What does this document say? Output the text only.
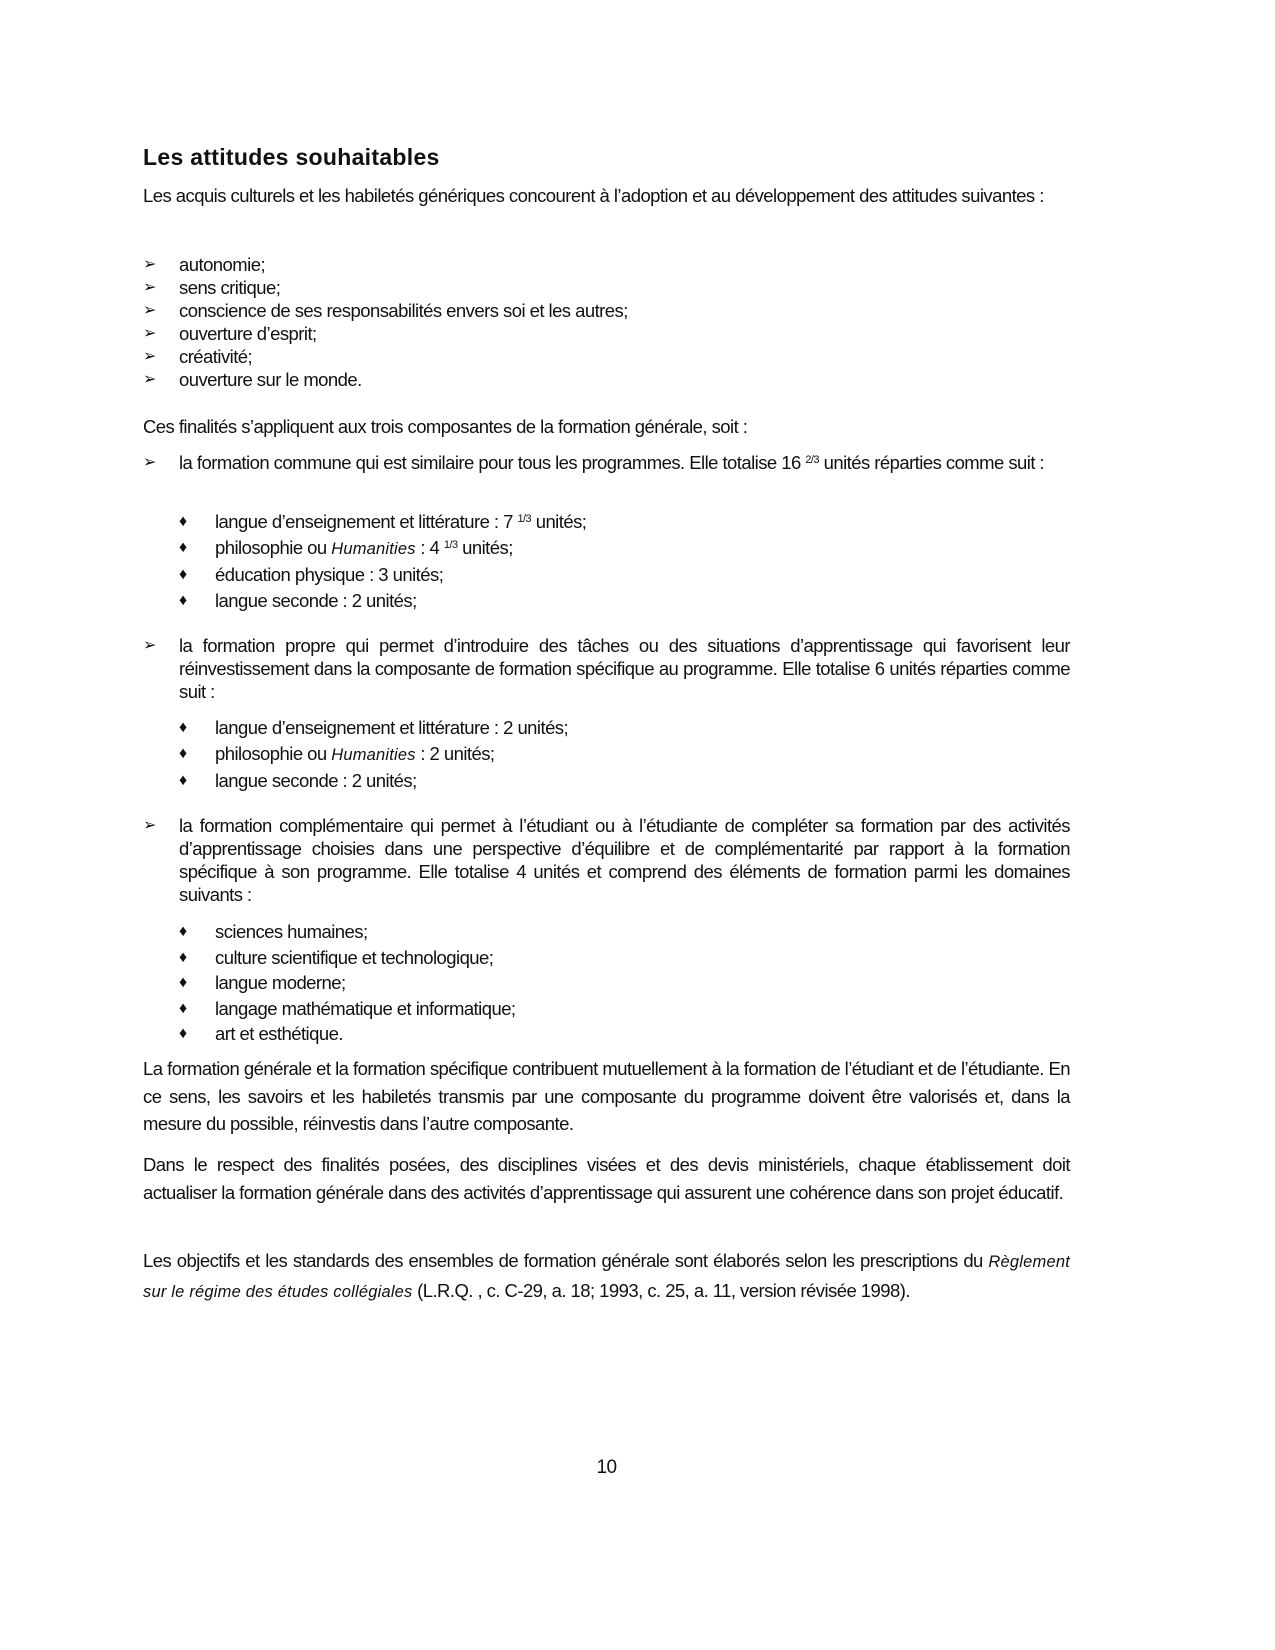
Les attitudes souhaitables
Les acquis culturels et les habiletés génériques concourent à l’adoption et au développement des attitudes suivantes :
➢ autonomie;
➢ sens critique;
➢ conscience de ses responsabilités envers soi et les autres;
➢ ouverture d’esprit;
➢ créativité;
➢ ouverture sur le monde.
Ces finalités s’appliquent aux trois composantes de la formation générale, soit :
➢ la formation commune qui est similaire pour tous les programmes. Elle totalise 16 $^{2/3}$ unités réparties comme suit :
♦ langue d’enseignement et littérature : 7 $^{1/3}$ unités;
♦ philosophie ou Humanities : 4 $^{1/3}$ unités;
♦ éducation physique : 3 unités;
♦ langue seconde : 2 unités;
➢ la formation propre qui permet d’introduire des tâches ou des situations d’apprentissage qui favorisent leur réinvestissement dans la composante de formation spécifique au programme. Elle totalise 6 unités réparties comme suit :
♦ langue d’enseignement et littérature : 2 unités;
♦ philosophie ou Humanities : 2 unités;
♦ langue seconde : 2 unités;
➢ la formation complémentaire qui permet à l’étudiant ou à l’étudiante de compléter sa formation par des activités d’apprentissage choisies dans une perspective d’équilibre et de complémentarité par rapport à la formation spécifique à son programme. Elle totalise 4 unités et comprend des éléments de formation parmi les domaines suivants :
♦ sciences humaines;
♦ culture scientifique et technologique;
♦ langue moderne;
♦ langage mathématique et informatique;
♦ art et esthétique.
La formation générale et la formation spécifique contribuent mutuellement à la formation de l’étudiant et de l’étudiante. En ce sens, les savoirs et les habiletés transmis par une composante du programme doivent être valorisés et, dans la mesure du possible, réinvestis dans l’autre composante.
Dans le respect des finalités posées, des disciplines visées et des devis ministériels, chaque établissement doit actualiser la formation générale dans des activités d’apprentissage qui assurent une cohérence dans son projet éducatif.
Les objectifs et les standards des ensembles de formation générale sont élaborés selon les prescriptions du Règlement sur le régime des études collégiales (L.R.Q. , c. C-29, a. 18; 1993, c. 25, a. 11, version révisée 1998).
10
